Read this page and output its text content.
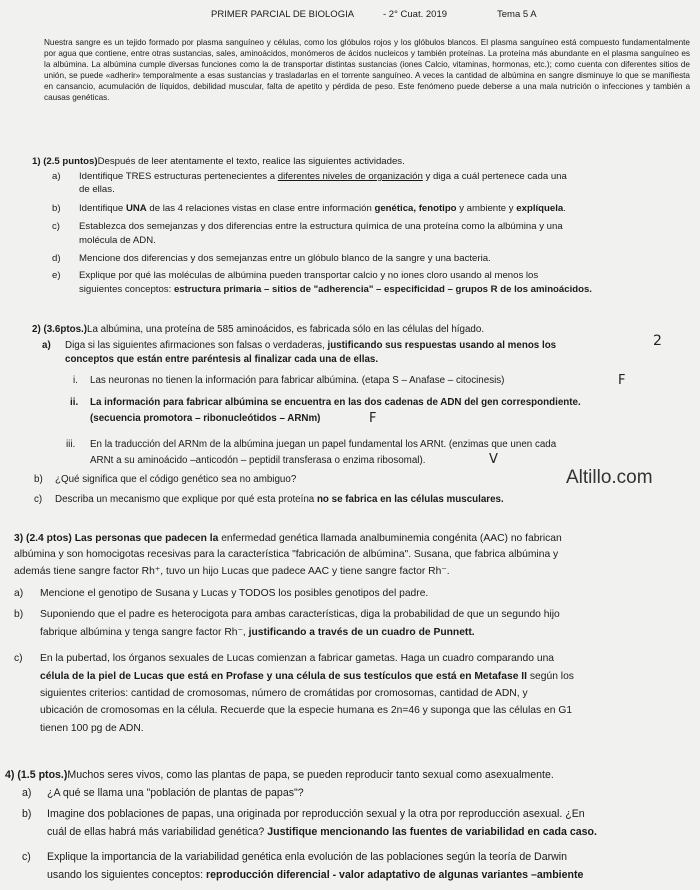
PRIMER PARCIAL DE BIOLOGIA	- 2° Cuat. 2019	Tema 5 A
Nuestra sangre es un tejido formado por plasma sanguíneo y células, como los glóbulos rojos y los glóbulos blancos. El plasma sanguíneo está compuesto fundamentalmente por agua que contiene, entre otras sustancias, sales, aminoácidos, monómeros de ácidos nucleicos y también proteínas. La proteína más abundante en el plasma sanguíneo es la albúmina. La albúmina cumple diversas funciones como la de transportar distintas sustancias (iones Calcio, vitaminas, hormonas, etc.); como cuenta con diferentes sitios de unión, se puede «adherir» temporalmente a esas sustancias y trasladarlas en el torrente sanguíneo. A veces la cantidad de albúmina en sangre disminuye lo que se manifiesta en cansancio, acumulación de líquidos, debilidad muscular, falta de apetito y pérdida de peso. Este fenómeno puede deberse a una mala nutrición o infecciones y también a causas genéticas.
1) (2.5 puntos)Después de leer atentamente el texto, realice las siguientes actividades.
a) Identifique TRES estructuras pertenecientes a diferentes niveles de organización y diga a cuál pertenece cada una
de ellas.
b) Identifique UNA de las 4 relaciones vistas en clase entre información genética, fenotipo y ambiente y explíquela.
c) Establezca dos semejanzas y dos diferencias entre la estructura química de una proteína como la albúmina y una
molécula de ADN.
d) Mencione dos diferencias y dos semejanzas entre un glóbulo blanco de la sangre y una bacteria.
e) Explique por qué las moléculas de albúmina pueden transportar calcio y no iones cloro usando al menos los
siguientes conceptos: estructura primaria – sitios de "adherencia" – especificidad – grupos R de los aminoácidos.
2) (3.6ptos.)La albúmina, una proteína de 585 aminoácidos, es fabricada sólo en las células del hígado.
a) Diga si las siguientes afirmaciones son falsas o verdaderas, justificando sus respuestas usando al menos los
conceptos que están entre paréntesis al finalizar cada una de ellas.
i. Las neuronas no tienen la información para fabricar albúmina. (etapa S – Anafase – citocinesis)
ii. La información para fabricar albúmina se encuentra en las dos cadenas de ADN del gen correspondiente.
(secuencia promotora – ribonucleótidos – ARNm)
iii. En la traducción del ARNm de la albúmina juegan un papel fundamental los ARNt. (enzimas que unen cada
ARNt a su aminoácido –anticodón – peptidil transferasa o enzima ribosomal).
b) ¿Qué significa que el código genético sea no ambiguo?
c) Describa un mecanismo que explique por qué esta proteína no se fabrica en las células musculares.
3) (2.4 ptos) Las personas que padecen la enfermedad genética llamada analbuminemia congénita (AAC) no fabrican
albúmina y son homocigotas recesivas para la característica "fabricación de albúmina". Susana, que fabrica albúmina y
además tiene sangre factor Rh⁺, tuvo un hijo Lucas que padece AAC y tiene sangre factor Rh⁻.
a) Mencione el genotipo de Susana y Lucas y TODOS los posibles genotipos del padre.
b) Suponiendo que el padre es heterocigota para ambas características, diga la probabilidad de que un segundo hijo
fabrique albúmina y tenga sangre factor Rh⁻, justificando a través de un cuadro de Punnett.
c) En la pubertad, los órganos sexuales de Lucas comienzan a fabricar gametas. Haga un cuadro comparando una
célula de la piel de Lucas que está en Profase y una célula de sus testículos que está en Metafase II según los
siguientes criterios: cantidad de cromosomas, número de cromátidas por cromosomas, cantidad de ADN, y
ubicación de cromosomas en la célula. Recuerde que la especie humana es 2n=46 y suponga que las células en G1
tienen 100 pg de ADN.
4) (1.5 ptos.)Muchos seres vivos, como las plantas de papa, se pueden reproducir tanto sexual como asexualmente.
a) ¿A qué se llama una "población de plantas de papas"?
b) Imagine dos poblaciones de papas, una originada por reproducción sexual y la otra por reproducción asexual. ¿En
cuál de ellas habrá más variabilidad genética? Justifique mencionando las fuentes de variabilidad en cada caso.
c) Explique la importancia de la variabilidad genética enla evolución de las poblaciones según la teoría de Darwin
usando los siguientes conceptos: reproducción diferencial - valor adaptativo de algunas variantes –ambiente
F
F
V
2
Altillo.com
